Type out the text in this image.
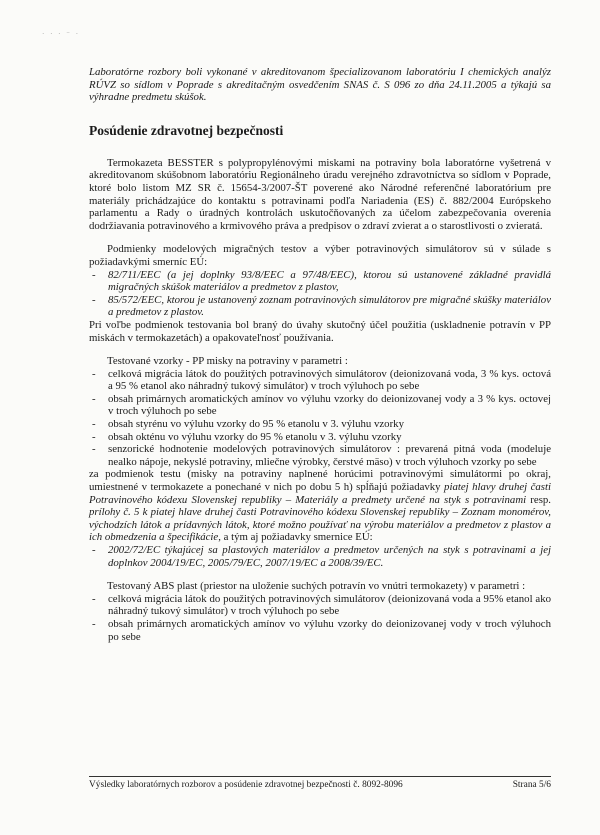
· · · ⁻ ·

Laboratórne rozbory boli vykonané v akreditovanom špecializovanom laboratóriu I chemických analýz RÚVZ so sídlom v Poprade s akreditačným osvedčením SNAS č. S 096 zo dňa 24.11.2005 a týkajú sa výhradne predmetu skúšok.

Posúdenie zdravotnej bezpečnosti

Termokazeta BESSTER s polypropylénovými miskami na potraviny bola laboratórne vyšetrená v akreditovanom skúšobnom laboratóriu Regionálneho úradu verejného zdravotníctva so sídlom v Poprade, ktoré bolo listom MZ SR č. 15654-3/2007-ŠT poverené ako Národné referenčné laboratórium pre materiály prichádzajúce do kontaktu s potravinami podľa Nariadenia (ES) č. 882/2004 Európskeho parlamentu a Rady o úradných kontrolách uskutočňovaných za účelom zabezpečovania overenia dodržiavania potravinového a krmivového práva a predpisov o zdraví zvierat a o starostlivosti o zvieratá.

Podmienky modelových migračných testov a výber potravinových simulátorov sú v súlade s požiadavkými smerníc EÚ:

- 82/711/EEC (a jej doplnky 93/8/EEC a 97/48/EEC), ktorou sú ustanovené základné pravidlá migračných skúšok materiálov a predmetov z plastov,
- 85/572/EEC, ktorou je ustanovený zoznam potravinových simulátorov pre migračné skúšky materiálov a predmetov z plastov.

Pri voľbe podmienok testovania bol braný do úvahy skutočný účel použitia (uskladnenie potravín v PP miskách v termokazetách) a opakovateľnosť používania.

Testované vzorky - PP misky na potraviny v parametri :

- celková migrácia látok do použitých potravinových simulátorov (deionizovaná voda, 3 % kys. octová a 95 % etanol ako náhradný tukový simulátor) v troch výluhoch po sebe
- obsah primárnych aromatických amínov vo výluhu vzorky do deionizovanej vody a 3 % kys. octovej v troch výluhoch po sebe
- obsah styrénu vo výluhu vzorky do 95 % etanolu v 3. výluhu vzorky
- obsah okténu vo výluhu vzorky do 95 % etanolu v 3. výluhu vzorky
- senzorické hodnotenie modelových potravinových simulátorov : prevarená pitná voda (modeluje nealko nápoje, nekyslé potraviny, mliečne výrobky, čerstvé mäso) v troch výluhoch vzorky po sebe

za podmienok testu (misky na potraviny naplnené horúcimi potravinovými simulátormi po okraj, umiestnené v termokazete a ponechané v nich po dobu 5 h) spĺňajú požiadavky piatej hlavy druhej časti Potravinového kódexu Slovenskej republiky – Materiály a predmety určené na styk s potravinami resp. prílohy č. 5 k piatej hlave druhej časti Potravinového kódexu Slovenskej republiky – Zoznam monomérov, východzích látok a prídavných látok, ktoré možno používať na výrobu materiálov a predmetov z plastov a ich obmedzenia a špecifikácie, a tým aj požiadavky smernice EÚ:

- 2002/72/EC týkajúcej sa plastových materiálov a predmetov určených na styk s potravinami a jej doplnkov 2004/19/EC, 2005/79/EC, 2007/19/EC a 2008/39/EC.

Testovaný ABS plast (priestor na uloženie suchých potravín vo vnútri termokazety) v parametri :

- celková migrácia látok do použitých potravinových simulátorov (deionizovaná voda a 95% etanol ako náhradný tukový simulátor) v troch výluhoch po sebe
- obsah primárnych aromatických amínov vo výluhu vzorky do deionizovanej vody v troch výluhoch po sebe
Výsledky laboratórnych rozborov a posúdenie zdravotnej bezpečnosti č. 8092-8096	Strana 5/6
